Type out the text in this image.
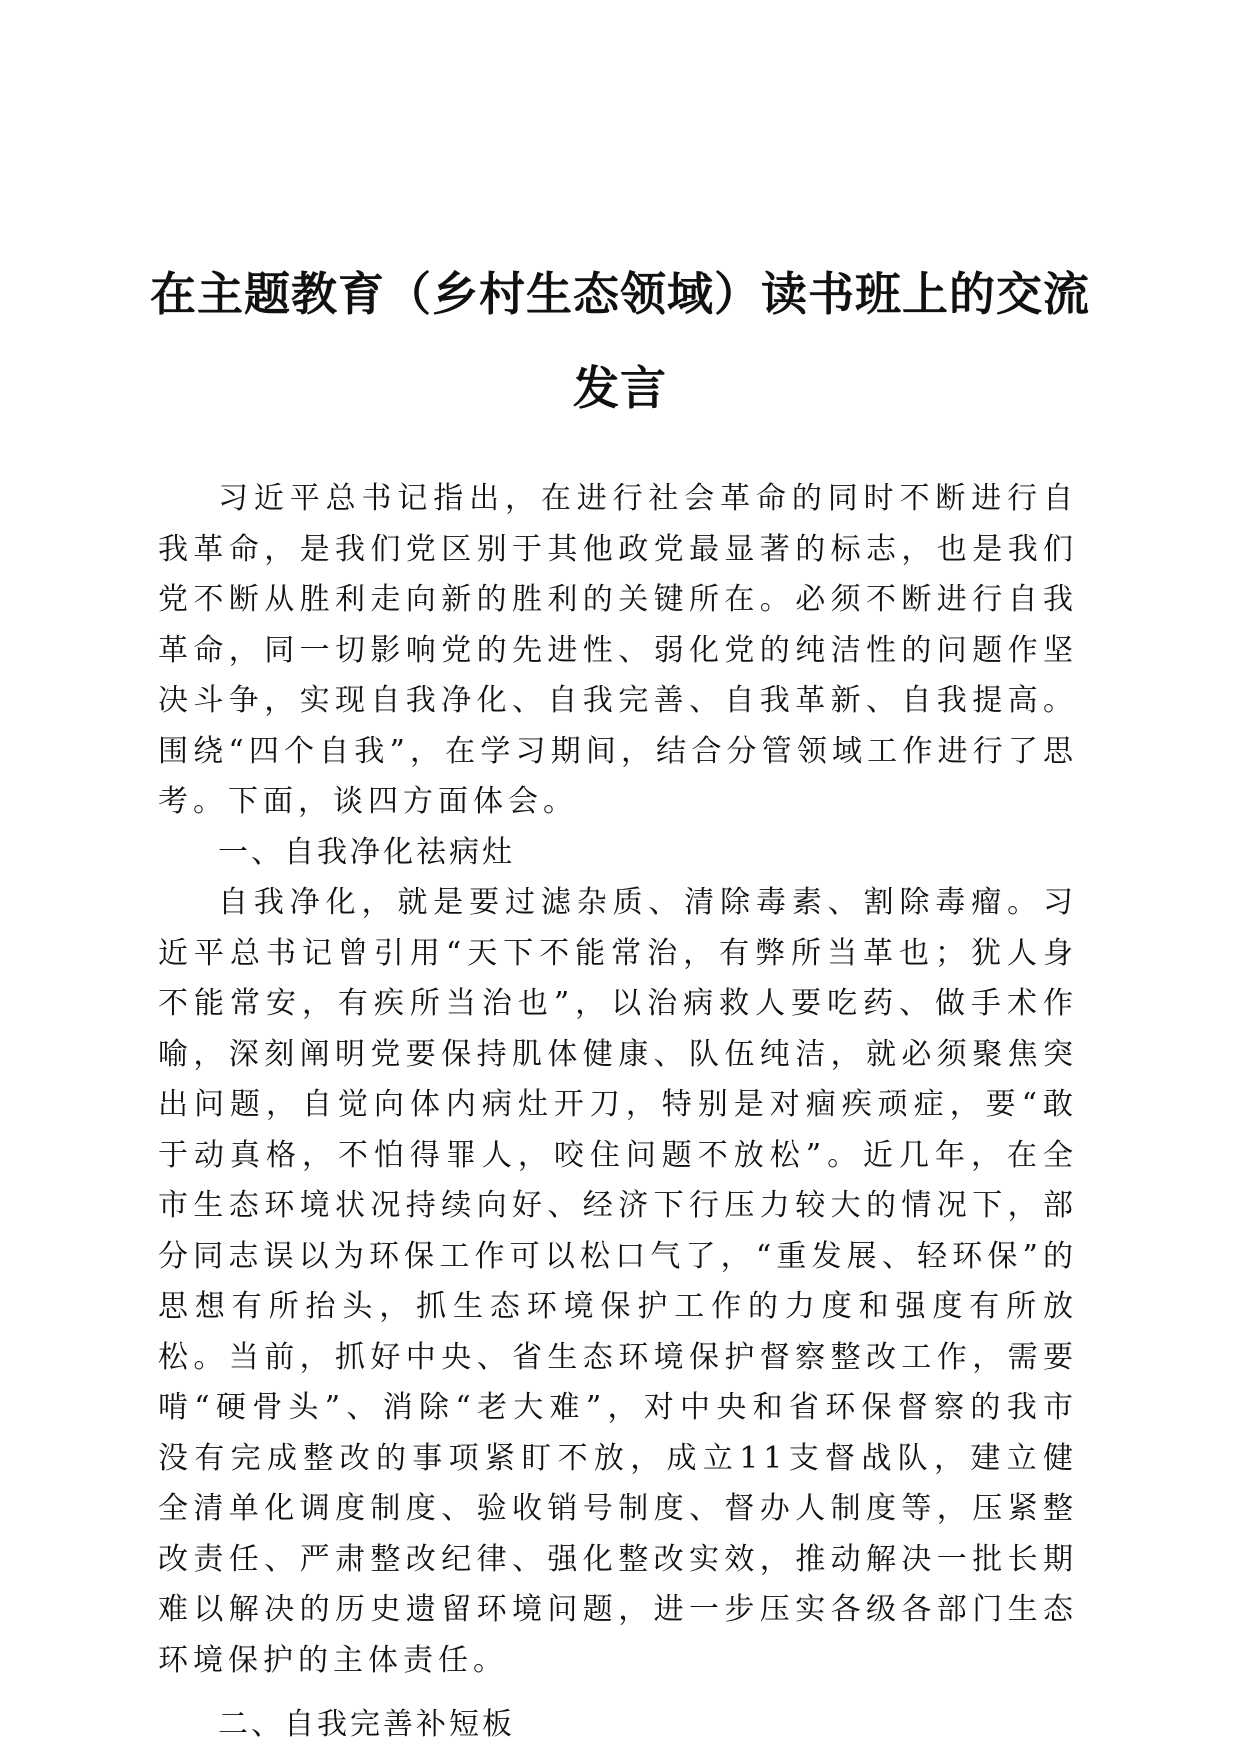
在主题教育（乡村生态领域）读书班上的交流
发言

习近平总书记指出，在进行社会革命的同时不断进行自我革命，是我们党区别于其他政党最显著的标志，也是我们党不断从胜利走向新的胜利的关键所在。必须不断进行自我革命，同一切影响党的先进性、弱化党的纯洁性的问题作坚决斗争，实现自我净化、自我完善、自我革新、自我提高。围绕“四个自我”，在学习期间，结合分管领域工作进行了思考。下面，谈四方面体会。

一、自我净化祛病灶

自我净化，就是要过滤杂质、清除毒素、割除毒瘤。习近平总书记曾引用“天下不能常治，有弊所当革也；犹人身不能常安，有疾所当治也”，以治病救人要吃药、做手术作喻，深刻阐明党要保持肌体健康、队伍纯洁，就必须聚焦突出问题，自觉向体内病灶开刀，特别是对痼疾顽症，要“敢于动真格，不怕得罪人，咬住问题不放松”。近几年，在全市生态环境状况持续向好、经济下行压力较大的情况下，部分同志误以为环保工作可以松口气了，“重发展、轻环保”的思想有所抬头，抓生态环境保护工作的力度和强度有所放松。当前，抓好中央、省生态环境保护督察整改工作，需要啃“硬骨头”、消除“老大难”，对中央和省环保督察的我市没有完成整改的事项紧盯不放，成立11支督战队，建立健全清单化调度制度、验收销号制度、督办人制度等，压紧整改责任、严肃整改纪律、强化整改实效，推动解决一批长期难以解决的历史遗留环境问题，进一步压实各级各部门生态环境保护的主体责任。

二、自我完善补短板
